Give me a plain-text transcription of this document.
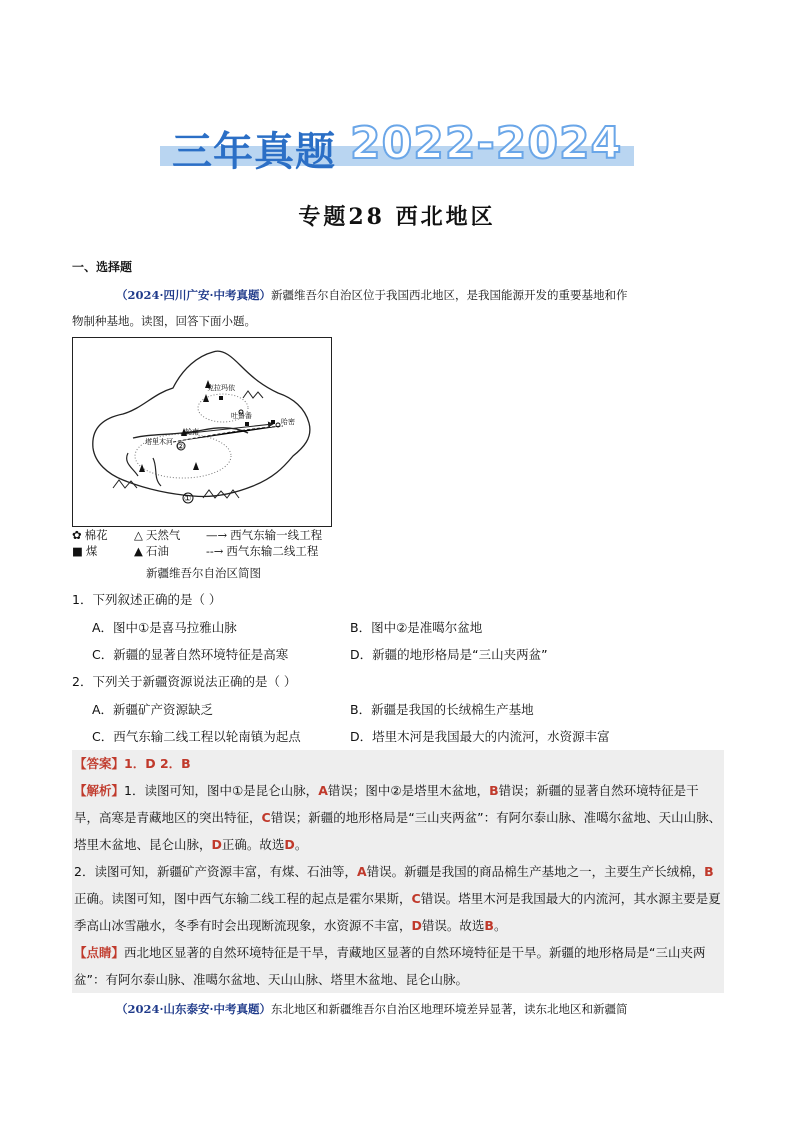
三年真题 2022-2024
专题28 西北地区
一、选择题
（2024·四川广安·中考真题）新疆维吾尔自治区位于我国西北地区，是我国能源开发的重要基地和作
物制种基地。读图，回答下面小题。
克拉玛依
吐鲁番
哈密
轮南
塔里木河 ②
①
✿ 棉花 △ 天然气 —→ 西气东输一线工程
■ 煤	▲ 石油	--→ 西气东输二线工程
新疆维吾尔自治区简图
1．下列叙述正确的是（ ）
A．图中①是喜马拉雅山脉	B．图中②是准噶尔盆地
C．新疆的显著自然环境特征是高寒	D．新疆的地形格局是“三山夹两盆”
2．下列关于新疆资源说法正确的是（ ）
A．新疆矿产资源缺乏	B．新疆是我国的长绒棉生产基地
C．西气东输二线工程以轮南镇为起点	D．塔里木河是我国最大的内流河，水资源丰富
【答案】1．D 2．B
【解析】1．读图可知，图中①是昆仑山脉，A错误；图中②是塔里木盆地，B错误；新疆的显著自然环境特征是干旱，高寒是青藏地区的突出特征，C错误；新疆的地形格局是“三山夹两盆”：有阿尔泰山脉、准噶尔盆地、天山山脉、塔里木盆地、昆仑山脉，D正确。故选D。
2．读图可知，新疆矿产资源丰富，有煤、石油等，A错误。新疆是我国的商品棉生产基地之一，主要生产长绒棉，B正确。读图可知，图中西气东输二线工程的起点是霍尔果斯，C错误。塔里木河是我国最大的内流河，其水源主要是夏季高山冰雪融水，冬季有时会出现断流现象，水资源不丰富，D错误。故选B。
【点睛】西北地区显著的自然环境特征是干旱，青藏地区显著的自然环境特征是干旱。新疆的地形格局是“三山夹两盆”：有阿尔泰山脉、准噶尔盆地、天山山脉、塔里木盆地、昆仑山脉。
（2024·山东泰安·中考真题）东北地区和新疆维吾尔自治区地理环境差异显著，读东北地区和新疆简
